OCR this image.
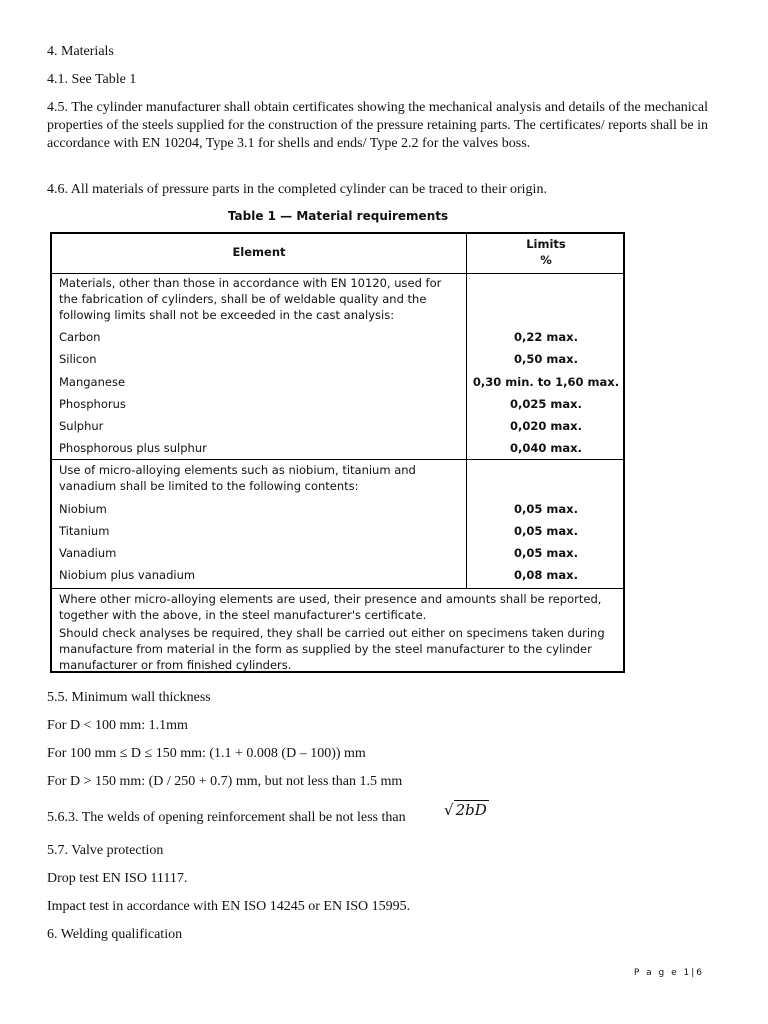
4. Materials
4.1. See Table 1
4.5. The cylinder manufacturer shall obtain certificates showing the mechanical analysis and details of the mechanical properties of the steels supplied for the construction of the pressure retaining parts. The certificates/ reports shall be in accordance with EN 10204, Type 3.1 for shells and ends/ Type 2.2 for the valves boss.
4.6. All materials of pressure parts in the completed cylinder can be traced to their origin.
Table 1 — Material requirements
Element
Limits
%
Materials, other than those in accordance with EN 10120, used for
the fabrication of cylinders, shall be of weldable quality and the
following limits shall not be exceeded in the cast analysis:
Carbon	0,22 max.
Silicon	0,50 max.
Manganese	0,30 min. to 1,60 max.
Phosphorus	0,025 max.
Sulphur	0,020 max.
Phosphorous plus sulphur	0,040 max.
Use of micro-alloying elements such as niobium, titanium and
vanadium shall be limited to the following contents:
Niobium	0,05 max.
Titanium	0,05 max.
Vanadium	0,05 max.
Niobium plus vanadium	0,08 max.
Where other micro-alloying elements are used, their presence and amounts shall be reported,
together with the above, in the steel manufacturer's certificate.
Should check analyses be required, they shall be carried out either on specimens taken during
manufacture from material in the form as supplied by the steel manufacturer to the cylinder
manufacturer or from finished cylinders.
5.5. Minimum wall thickness
For D < 100 mm: 1.1mm
For 100 mm ≤ D ≤ 150 mm: (1.1 + 0.008 (D – 100)) mm
For D > 150 mm: (D / 250 + 0.7) mm, but not less than 1.5 mm
5.6.3. The welds of opening reinforcement shall be not less than	√ 2bD
5.7. Valve protection
Drop test EN ISO 11117.
Impact test in accordance with EN ISO 14245 or EN ISO 15995.
6. Welding qualification
P a g e 1|6
